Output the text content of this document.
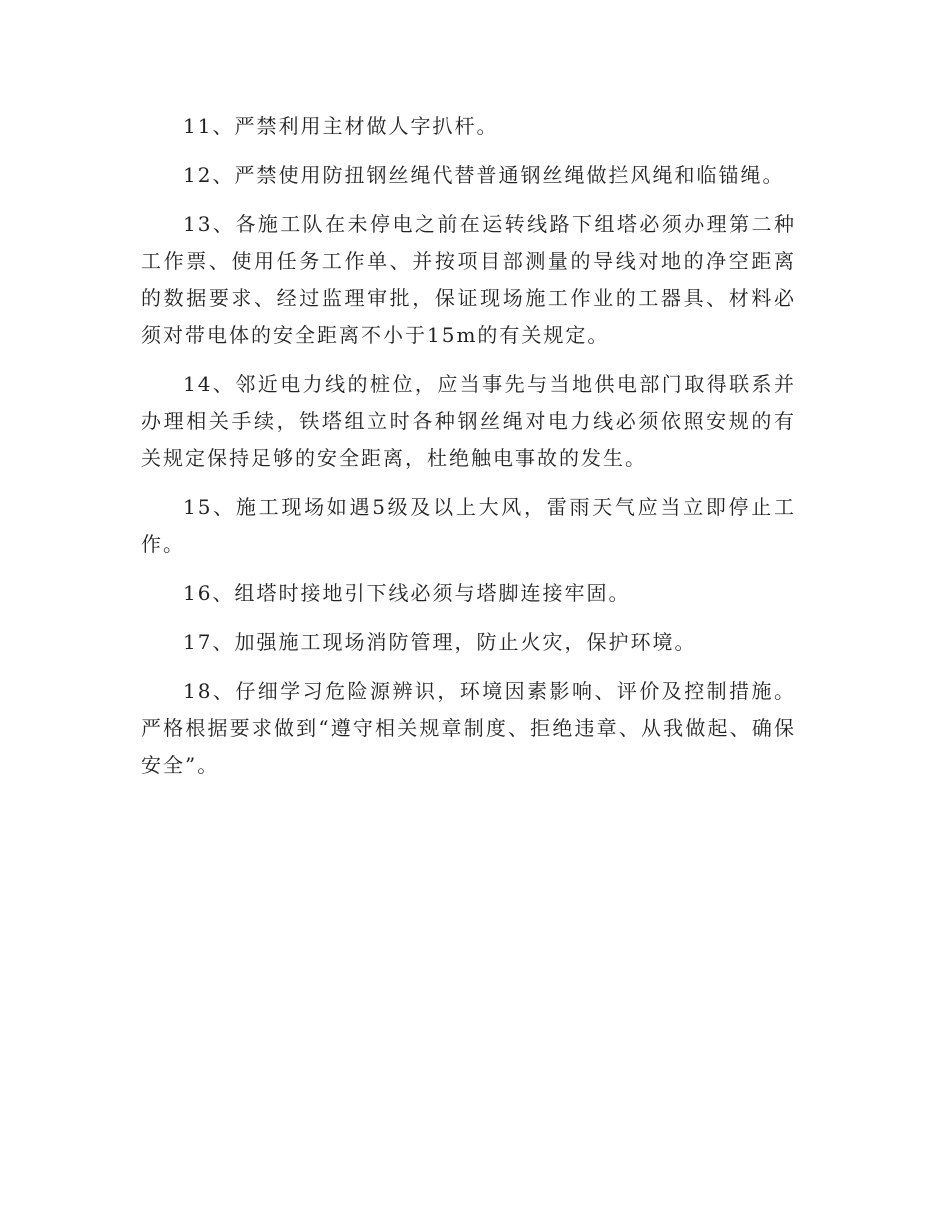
11、严禁利用主材做人字扒杆。

12、严禁使用防扭钢丝绳代替普通钢丝绳做拦风绳和临锚绳。

13、各施工队在未停电之前在运转线路下组塔必须办理第二种工作票、使用任务工作单、并按项目部测量的导线对地的净空距离的数据要求、经过监理审批，保证现场施工作业的工器具、材料必须对带电体的安全距离不小于15m的有关规定。

14、邻近电力线的桩位，应当事先与当地供电部门取得联系并办理相关手续，铁塔组立时各种钢丝绳对电力线必须依照安规的有关规定保持足够的安全距离，杜绝触电事故的发生。

15、施工现场如遇5级及以上大风，雷雨天气应当立即停止工作。

16、组塔时接地引下线必须与塔脚连接牢固。

17、加强施工现场消防管理，防止火灾，保护环境。

18、仔细学习危险源辨识，环境因素影响、评价及控制措施。严格根据要求做到“遵守相关规章制度、拒绝违章、从我做起、确保安全”。
